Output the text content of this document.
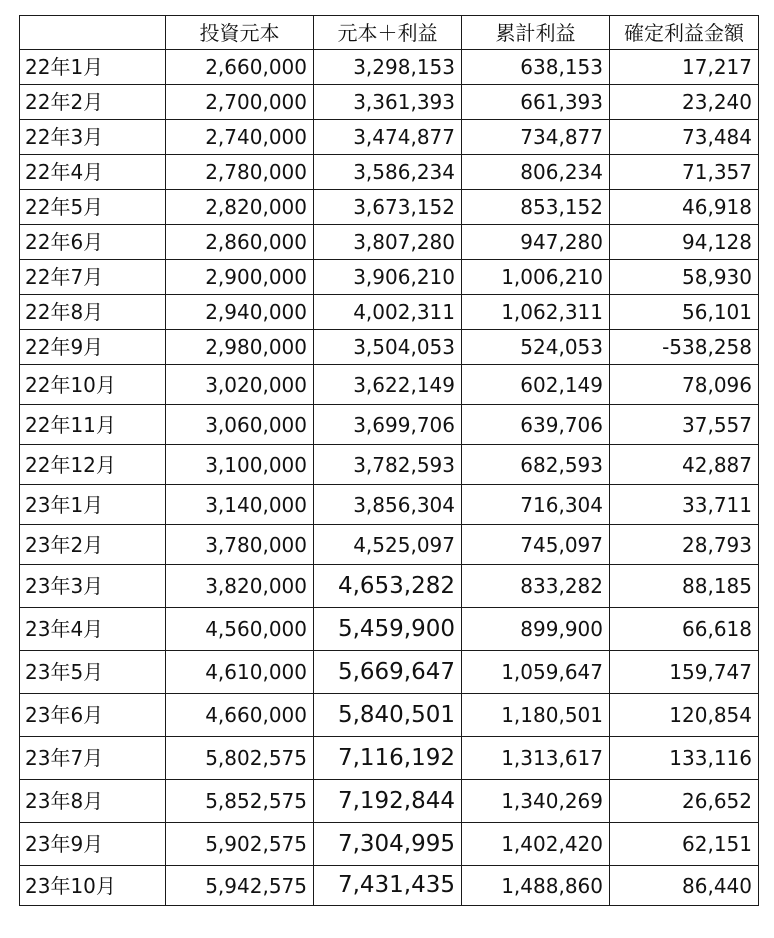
	投資元本	元本＋利益	累計利益	確定利益金額
22年1月	2,660,000	3,298,153	638,153	17,217
22年2月	2,700,000	3,361,393	661,393	23,240
22年3月	2,740,000	3,474,877	734,877	73,484
22年4月	2,780,000	3,586,234	806,234	71,357
22年5月	2,820,000	3,673,152	853,152	46,918
22年6月	2,860,000	3,807,280	947,280	94,128
22年7月	2,900,000	3,906,210	1,006,210	58,930
22年8月	2,940,000	4,002,311	1,062,311	56,101
22年9月	2,980,000	3,504,053	524,053	-538,258
22年10月	3,020,000	3,622,149	602,149	78,096
22年11月	3,060,000	3,699,706	639,706	37,557
22年12月	3,100,000	3,782,593	682,593	42,887
23年1月	3,140,000	3,856,304	716,304	33,711
23年2月	3,780,000	4,525,097	745,097	28,793
23年3月	3,820,000	4,653,282	833,282	88,185
23年4月	4,560,000	5,459,900	899,900	66,618
23年5月	4,610,000	5,669,647	1,059,647	159,747
23年6月	4,660,000	5,840,501	1,180,501	120,854
23年7月	5,802,575	7,116,192	1,313,617	133,116
23年8月	5,852,575	7,192,844	1,340,269	26,652
23年9月	5,902,575	7,304,995	1,402,420	62,151
23年10月	5,942,575	7,431,435	1,488,860	86,440
